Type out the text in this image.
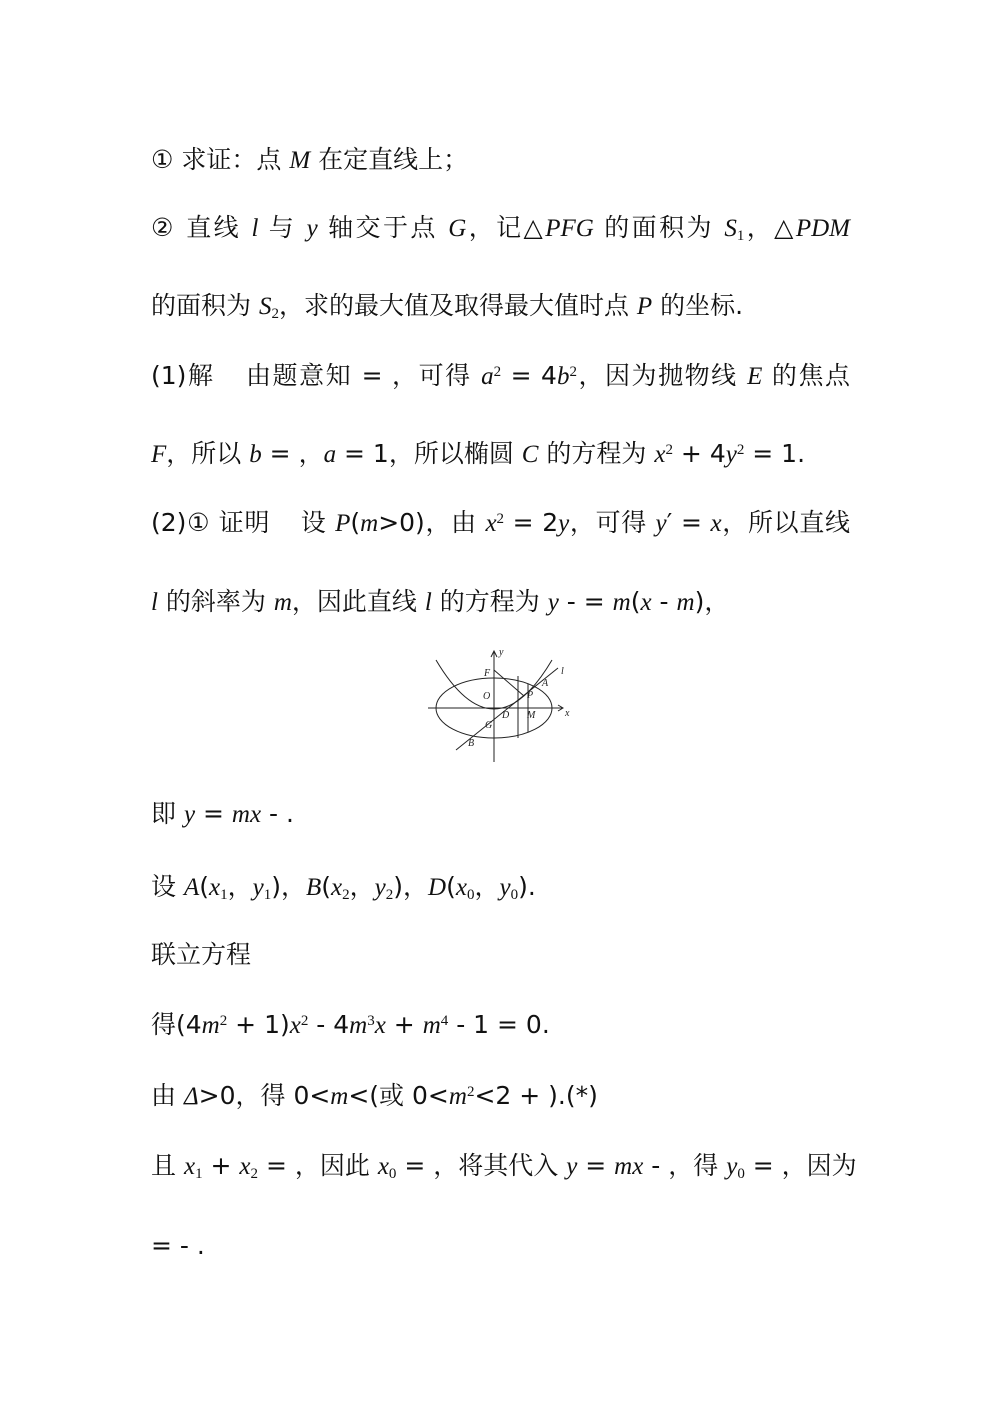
① 求证：点 M 在定直线上；
② 直线 l 与 y 轴交于点 G，记△PFG 的面积为 $S_1$，△PDM
的面积为 $S_2$，求的最大值及取得最大值时点 P 的坐标.
(1)解 由题意知 = ，可得 $a^2 = 4b^2$，因为抛物线 E 的焦点
F，所以 b = ，a = 1，所以椭圆 C 的方程为 $x^2 + 4y^2 = 1$.
(2)① 证明 设 P(m>0)，由 $x^2 = 2y$，可得 y′ = x，所以直线
l 的斜率为 m，因此直线 l 的方程为 y - = m(x - m)，
y
x
F	l
A
O	P
D M
G
B
即 y = mx - .
设 $A(x_1$，$y_1$)，$B(x_2$，$y_2$)，$D(x_0$，$y_0$).
联立方程
得$(4m^2 + 1)x^2 - 4m^3x + m^4 - 1 = 0$.
由 Δ>0，得 0<m<(或 $0<m^2<2$ + ).(*)
且 $x_1 + x_2$ = ，因此 $x_0$ = ，将其代入 y = mx - ，得 $y_0$ = ，因为
= - .
